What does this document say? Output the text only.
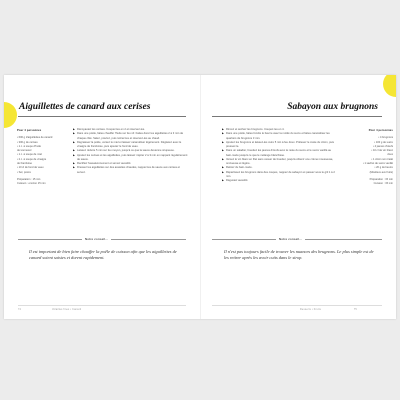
Aiguillettes de canard aux cerises
Pour 4 personnes
• 600 g d'aiguillettes de canard
• 300 g de cerises
• 1 c. à soupe d'huile
de tournesol
• 1 c. à soupe de miel
• 2 c. à soupe de vinaigre
de framboise
• 10 cl de fond de veau
• Sel, poivre
Préparation : 15 min
Cuisson : environ 15 min
▶ Dénoyautez les cerises. Coupez-les en 2 et réservez-les.
▶ Dans une poêle, faites chauffer l'huile sur feu vif. Faites dorer les aiguillettes 2 à 3 min de chaque côté. Salez, poivrez, puis retirez-les et réservez-les au chaud.
▶ Dégraissez la poêle, versez le miel et laissez caraméliser légèrement. Déglacez avec le vinaigre de framboise, puis ajoutez le fond de veau.
▶ Laissez réduire 5 min sur feu moyen, jusqu'à ce que la sauce devienne sirupeuse.
▶ Ajoutez les cerises et les aiguillettes, puis laissez mijoter 2 à 3 min en nappant régulièrement de sauce.
▶ Rectifiez l'assaisonnement et servez aussitôt.
▶ Dressez les aiguillettes sur des assiettes chaudes, nappez-les de sauce aux cerises et servez.
Notre conseil...
Il est important de bien faire chauffer la poêle de cuisson afin que les aiguillettes de canard soient saisies et dorent rapidement.
74	Volailles fines • Canard
Sabayon aux brugnons
▶ Rincez et séchez les brugnons. Coupez-les en 4.
▶ Dans une poêle, faites fondre le beurre avec la moitié du sucre et faites caraméliser les quartiers de brugnons 3 min.
▶ Ajoutez les brugnons et laissez-les cuire 5 min à feu doux. Prélevez le zeste du citron, puis pressez-le.
▶ Dans un saladier, fouettez les jaunes d'œufs avec le reste du sucre et le sucre vanillé au bain-marie jusqu'à ce que le mélange blanchisse.
▶ Versez le vin blanc en filet sans cesser de fouetter, jusqu'à obtenir une crème mousseuse, onctueuse et légère.
▶ Retirez du bain-marie.
▶ Répartissez les brugnons dans des coupes, nappez de sabayon et passez sous le gril 1 à 2 min.
▶ Dégustez aussitôt.
Pour 4 personnes
• 4 brugnons
• 100 g de sucre
• 4 jaunes d'œufs
• 10 cl de vin blanc
doux
• 1 citron non traité
• 1 sachet de sucre vanillé
• 20 g de beurre
(Moelleux aux fruits)
Préparation : 15 min
Cuisson : 15 min
Notre conseil...
Il n'est pas toujours facile de trouver les nuances des brugnons. Le plus simple est de les retirer après les avoir cuits dans le sirop.
Desserts • Fruits	75
